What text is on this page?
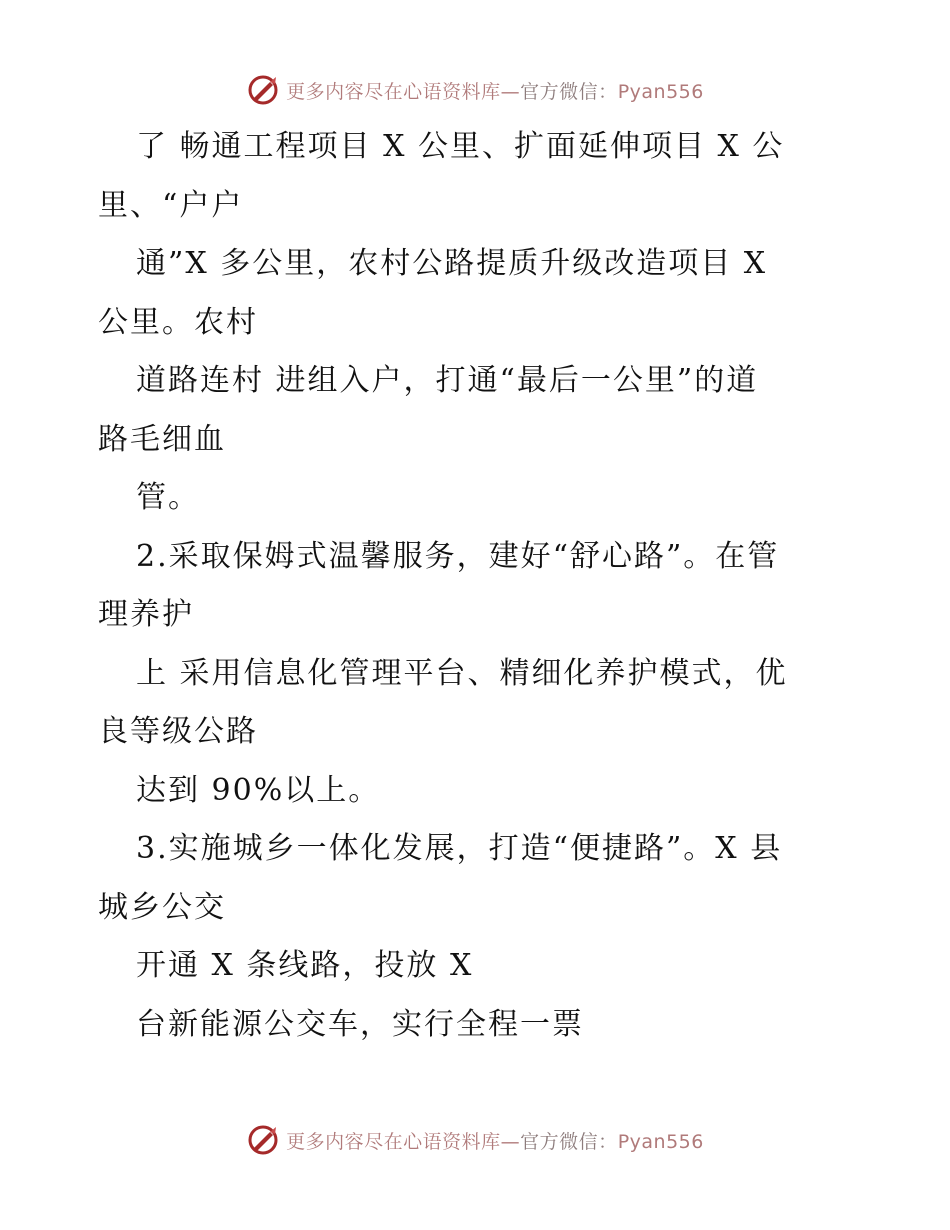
更多内容尽在心语资料库—官方微信：Pyan556
了 畅通工程项目 X 公里、扩面延伸项目 X 公
里、“户户
通”X 多公里，农村公路提质升级改造项目 X
公里。农村
道路连村 进组入户，打通“最后一公里”的道
路毛细血
管。
2.采取保姆式温馨服务，建好“舒心路”。在管
理养护
上 采用信息化管理平台、精细化养护模式，优
良等级公路
达到 90%以上。
3.实施城乡一体化发展，打造“便捷路”。X 县
城乡公交
开通 X 条线路，投放 X
台新能源公交车，实行全程一票
更多内容尽在心语资料库—官方微信：Pyan556
